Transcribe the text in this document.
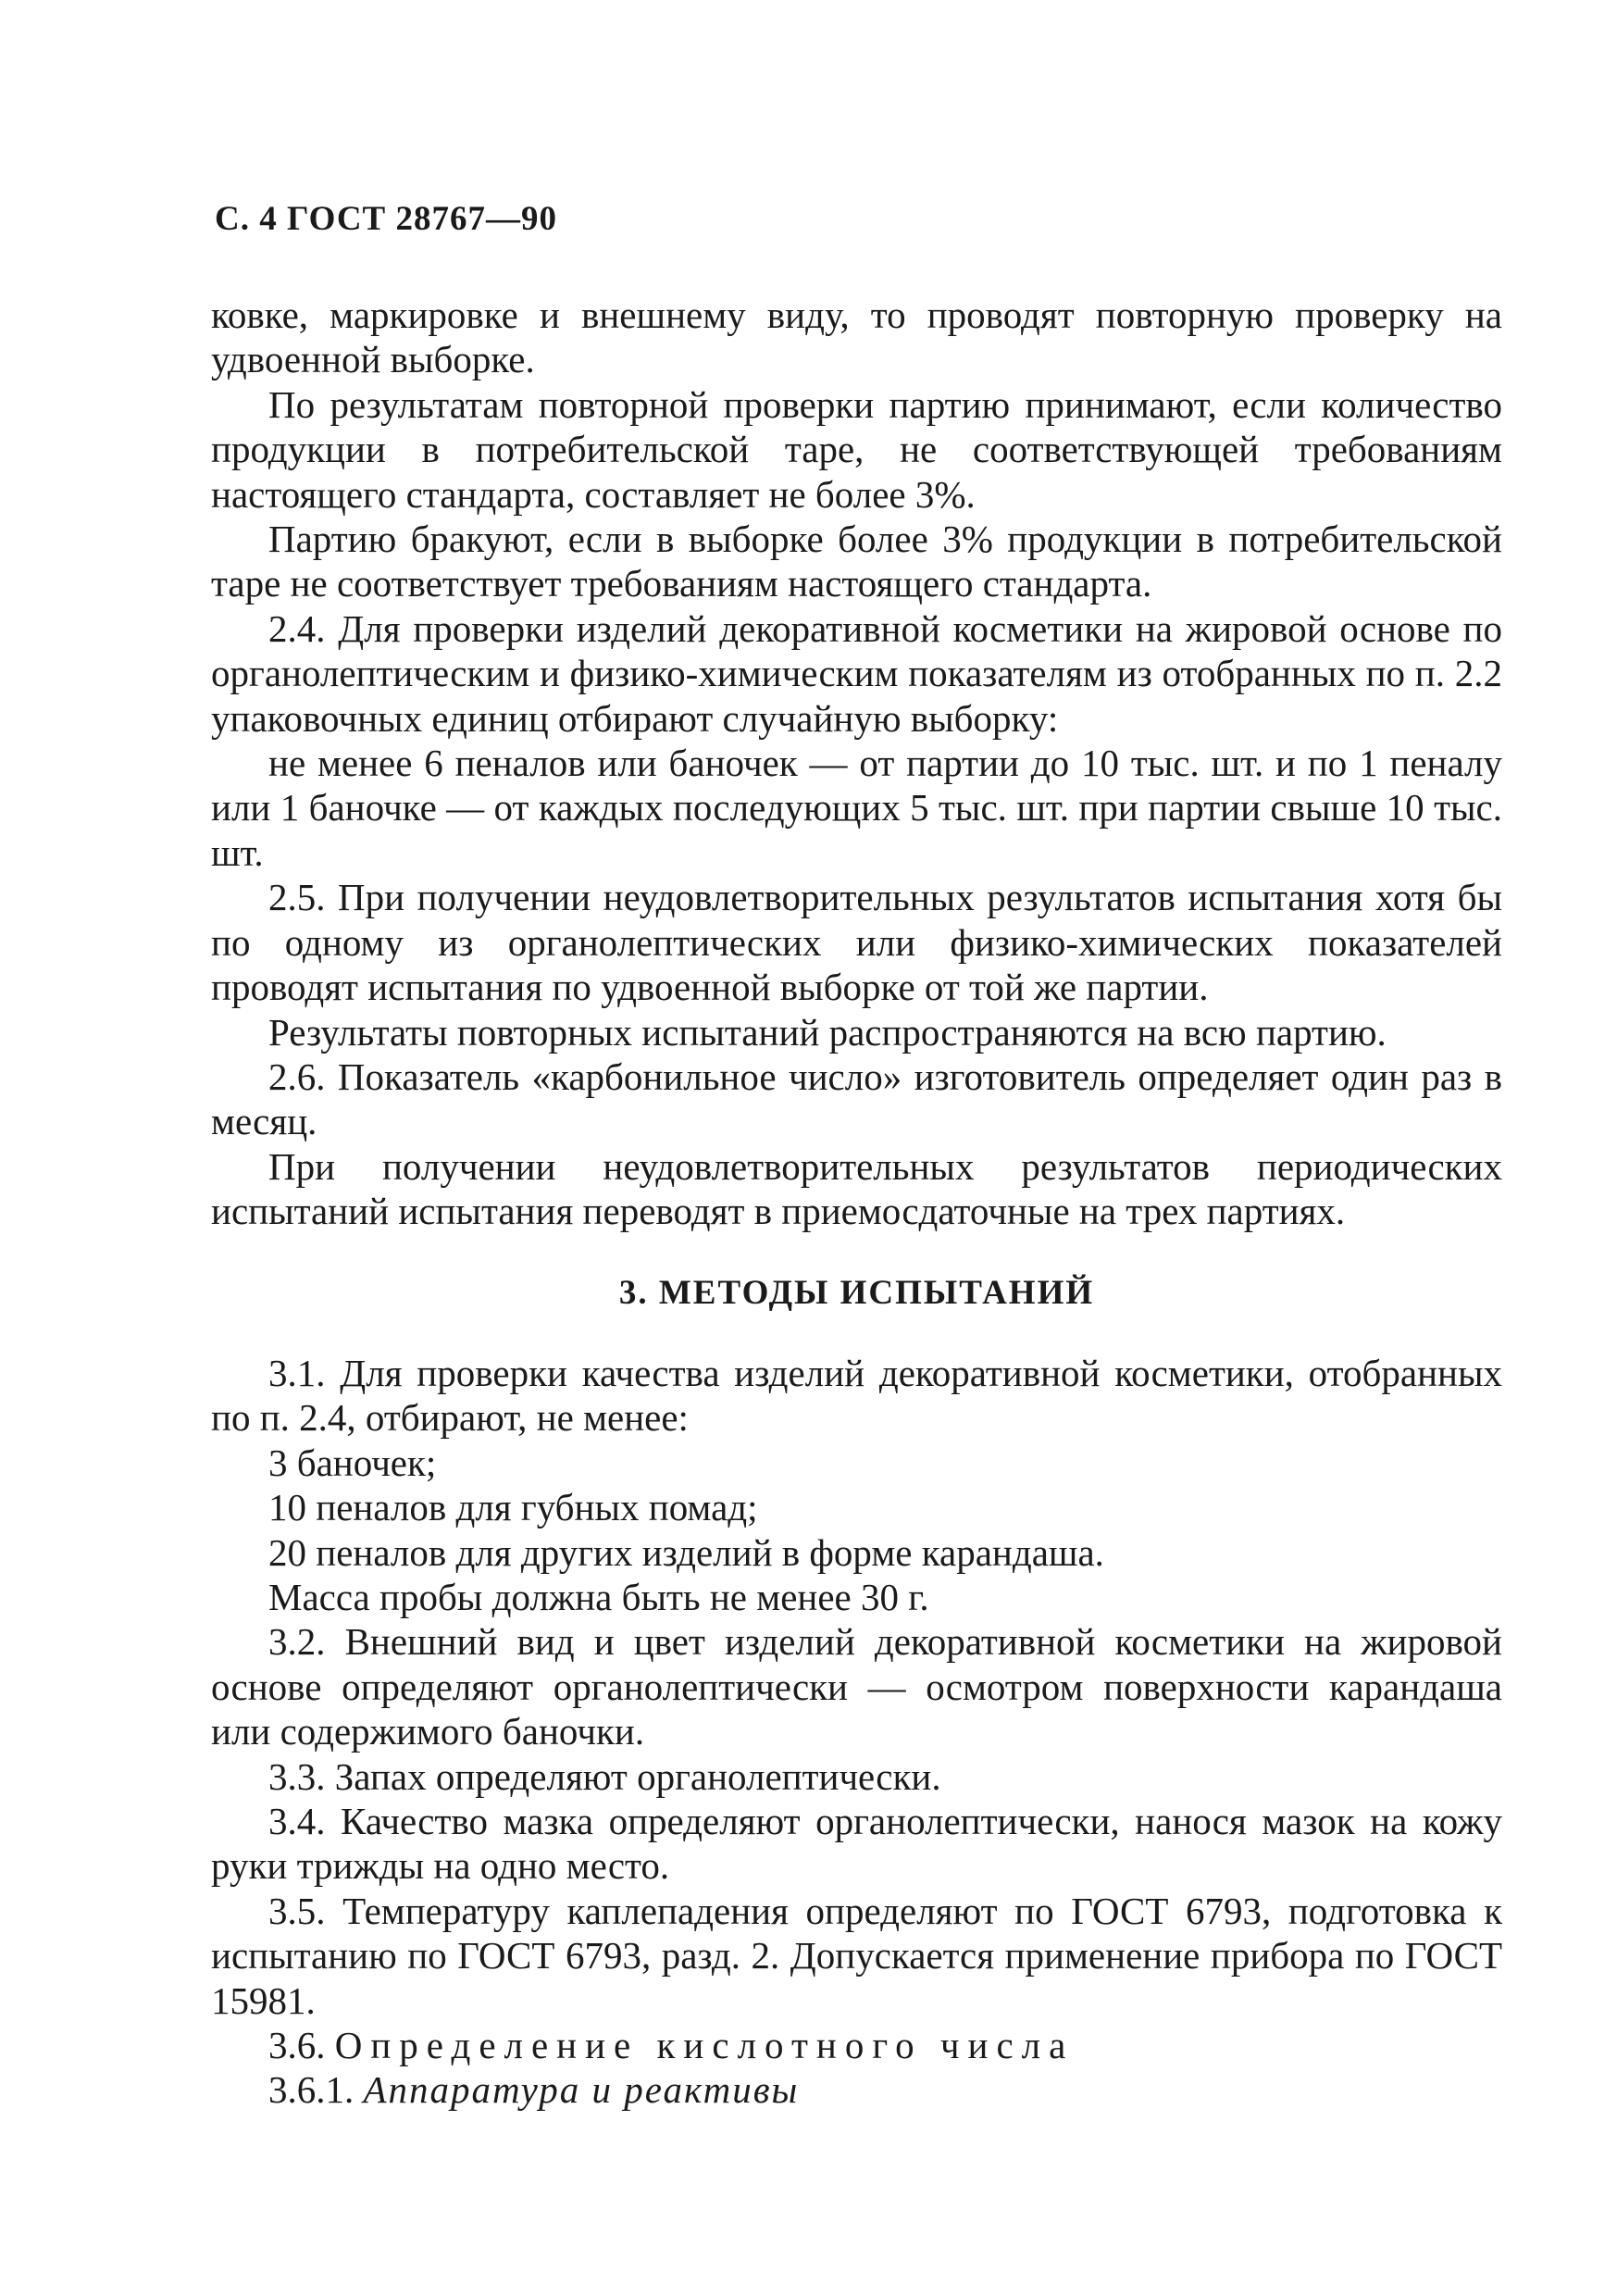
С. 4 ГОСТ 28767—90

ковке, маркировке и внешнему виду, то проводят повторную проверку на удвоенной выборке.

По результатам повторной проверки партию принимают, если количество продукции в потребительской таре, не соответствующей требованиям настоящего стандарта, составляет не более 3%.

Партию бракуют, если в выборке более 3% продукции в потребительской таре не соответствует требованиям настоящего стандарта.

2.4. Для проверки изделий декоративной косметики на жировой основе по органолептическим и физико-химическим показателям из отобранных по п. 2.2 упаковочных единиц отбирают случайную выборку:

не менее 6 пеналов или баночек — от партии до 10 тыс. шт. и по 1 пеналу или 1 баночке — от каждых последующих 5 тыс. шт. при партии свыше 10 тыс. шт.

2.5. При получении неудовлетворительных результатов испытания хотя бы по одному из органолептических или физико-химических показателей проводят испытания по удвоенной выборке от той же партии.

Результаты повторных испытаний распространяются на всю партию.

2.6. Показатель «карбонильное число» изготовитель определяет один раз в месяц.

При получении неудовлетворительных результатов периодических испытаний испытания переводят в приемосдаточные на трех партиях.

3. МЕТОДЫ ИСПЫТАНИЙ

3.1. Для проверки качества изделий декоративной косметики, отобранных по п. 2.4, отбирают, не менее:

3 баночек;

10 пеналов для губных помад;

20 пеналов для других изделий в форме карандаша.

Масса пробы должна быть не менее 30 г.

3.2. Внешний вид и цвет изделий декоративной косметики на жировой основе определяют органолептически — осмотром поверхности карандаша или содержимого баночки.

3.3. Запах определяют органолептически.

3.4. Качество мазка определяют органолептически, нанося мазок на кожу руки трижды на одно место.

3.5. Температуру каплепадения определяют по ГОСТ 6793, подготовка к испытанию по ГОСТ 6793, разд. 2. Допускается применение прибора по ГОСТ 15981.

3.6. Определение кислотного числа

3.6.1. Аппаратура и реактивы
